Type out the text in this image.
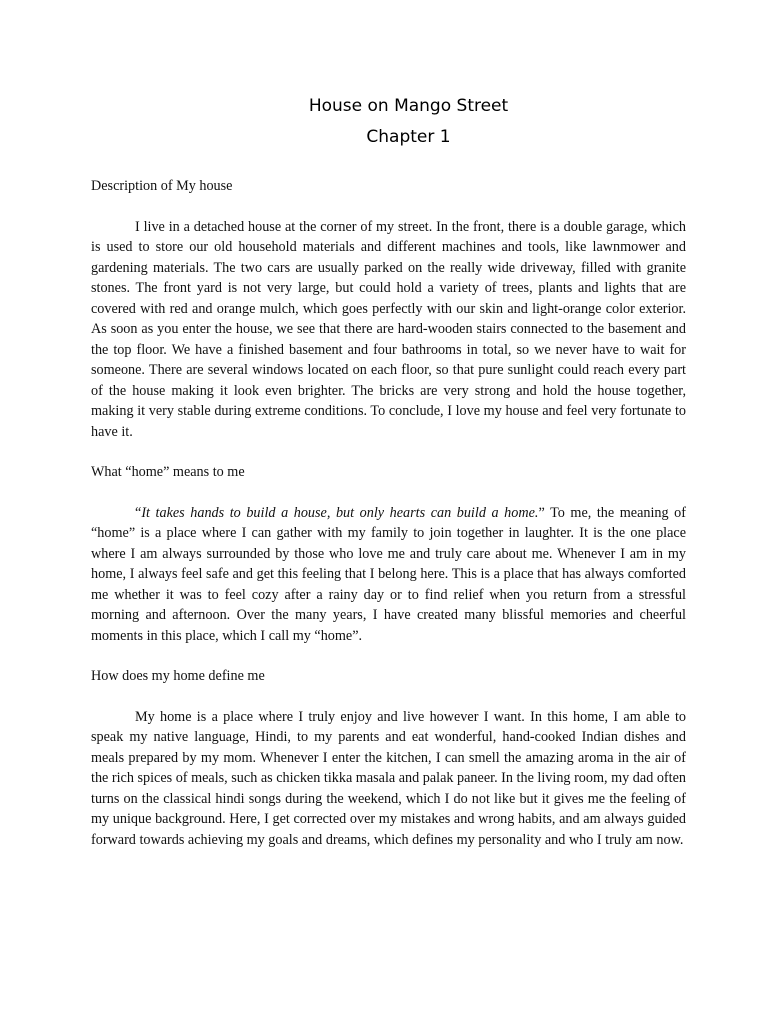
House on Mango Street

Chapter 1

Description of My house

I live in a detached house at the corner of my street. In the front, there is a double garage, which is used to store our old household materials and different machines and tools, like lawnmower and gardening materials. The two cars are usually parked on the really wide driveway, filled with granite stones. The front yard is not very large, but could hold a variety of trees, plants and lights that are covered with red and orange mulch, which goes perfectly with our skin and light-orange color exterior. As soon as you enter the house, we see that there are hard-wooden stairs connected to the basement and the top floor. We have a finished basement and four bathrooms in total, so we never have to wait for someone. There are several windows located on each floor, so that pure sunlight could reach every part of the house making it look even brighter. The bricks are very strong and hold the house together, making it very stable during extreme conditions. To conclude, I love my house and feel very fortunate to have it.

What “home” means to me

“It takes hands to build a house, but only hearts can build a home.” To me, the meaning of “home” is a place where I can gather with my family to join together in laughter. It is the one place where I am always surrounded by those who love me and truly care about me. Whenever I am in my home, I always feel safe and get this feeling that I belong here. This is a place that has always comforted me whether it was to feel cozy after a rainy day or to find relief when you return from a stressful morning and afternoon. Over the many years, I have created many blissful memories and cheerful moments in this place, which I call my “home”.

How does my home define me

My home is a place where I truly enjoy and live however I want. In this home, I am able to speak my native language, Hindi, to my parents and eat wonderful, hand-cooked Indian dishes and meals prepared by my mom. Whenever I enter the kitchen, I can smell the amazing aroma in the air of the rich spices of meals, such as chicken tikka masala and palak paneer. In the living room, my dad often turns on the classical hindi songs during the weekend, which I do not like but it gives me the feeling of my unique background. Here, I get corrected over my mistakes and wrong habits, and am always guided forward towards achieving my goals and dreams, which defines my personality and who I truly am now.
